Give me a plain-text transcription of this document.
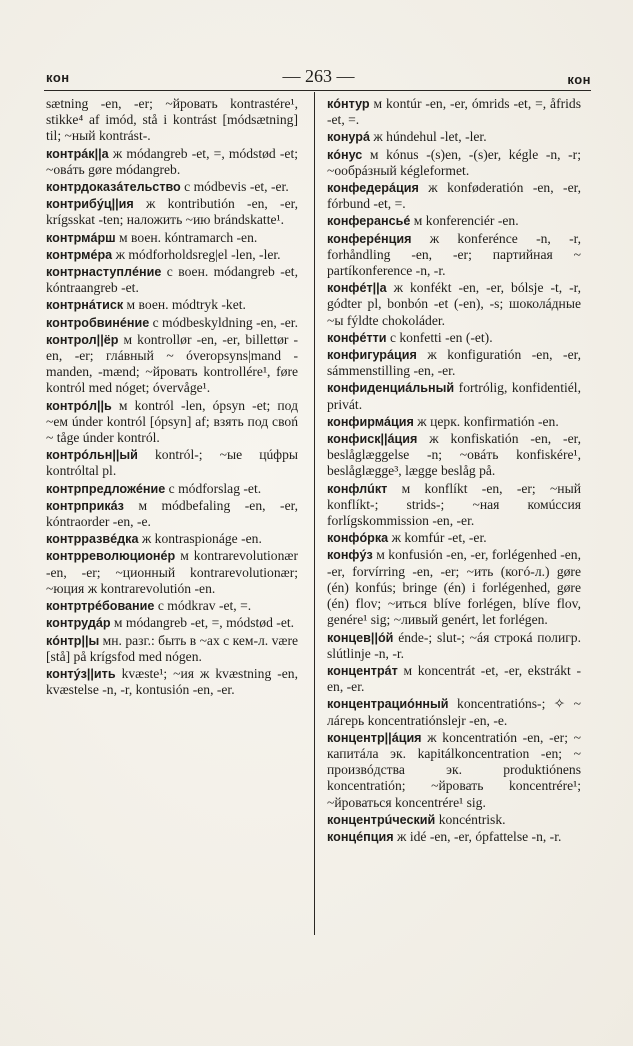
кон	— 263 —	кон

sætning -en, -er; ~йровать kontrastére¹, stikke⁴ af imód, stå i kontrást [módsætning] til; ~ный kontrást-.

контрáк||а ж módangreb -et, =, módstød -et; ~овáть gøre módangreb.

контрдоказáтельство с módbevis -et, -er.

контрибýц||ия ж kontributión -en, -er, krígsskat -ten; наложить ~ию brándskatte¹.

контрмáрш м воен. kóntramarch -en.

контрмéра ж módforholdsreg|el -len, -ler.

контрнаступлéние с воен. módangreb -et, kóntraangreb -et.

контрнáтиск м воен. módtryk -ket.

контробвинéние с módbeskyldning -en, -er.

контрол||ёр м kontrollør -en, -er, billettør -en, -er; глáвный ~ óveropsyns|mand -manden, -mænd; ~йровать kontrollére¹, føre kontról med nóget; óvervåge¹.

контрóл||ь м kontról -len, ópsyn -et; под ~ем únder kontról [ópsyn] af; взять под своń ~ tåge únder kontról.

контрóльн||ый kontról-; ~ые цúфры kontróltal pl.

контрпредложéние с módforslag -et.

контрприкáз м módbefaling -en, -er, kóntraorder -en, -e.

контрразвéдка ж kontraspionáge -en.

контрреволюционéр м kontrarevolutionær -en, -er; ~ционный kontrarevolutionær; ~юция ж kontrarevolutión -en.

контртрéбование с módkrav -et, =.

контрудáр м módangreb -et, =, módstød -et.

кóнтр||ы мн. разг.: быть в ~ах с кем-л. være [stå] på krígsfod med nógen.

контýз||ить kvæste¹; ~ия ж kvæstning -en, kvæstelse -n, -r, kontusión -en, -er.

кóнтур м kontúr -en, -er, ómrids -et, =, åfrids -et, =.

конурá ж húndehul -let, -ler.

кóнус м kónus -(s)en, -(s)er, kégle -n, -r; ~oобрáзный kégleformet.

конфедерáция ж konføderatión -en, -er, fórbund -et, =.

конферансьé м konferenciér -en.

конферéнция ж konferénce -n, -r, forhåndling -en, -er; партийная ~ partíkonference -n, -r.

конфéт||а ж konfékt -en, -er, bólsje -t, -r, gódter pl, bonbón -et (-en), -s; шоколáдные ~ы fýldte chokoláder.

конфéтти с konfetti -en (-et).

конфигурáция ж konfiguratión -en, -er, sámmenstilling -en, -er.

конфиденциáльный fortrólig, konfidentiél, privát.

конфирмáция ж церк. konfirmatión -en.

конфиск||áция ж konfiskatión -en, -er, beslåglæggelse -n; ~овáть konfiskére¹, beslåglægge³, lægge beslåg på.

конфлúкт м konflíkt -en, -er; ~ный konflíkt-; strids-; ~ная комúссия forlígskommission -en, -er.

конфóрка ж komfúr -et, -er.

конфýз м konfusión -en, -er, forlégenhed -en, -er, forvírring -en, -er; ~ить (когó-л.) gøre (én) konfús; bringe (én) i forlégenhed, gøre (én) flov; ~иться blíve forlégen, blíve flov, genére¹ sig; ~ливый genért, let forlégen.

концев||óй énde-; slut-; ~áя строкá полигр. slútlinje -n, -r.

концентрáт м koncentrát -et, -er, ekstrákt -en, -er.

концентрациóнный koncentratións-; ✧ ~ лáгерь koncentratiónslejr -en, -e.

концентр||áция ж koncentratión -en, -er; ~ капитáла эк. kapitálkoncentration -en; ~ произвóдства эк. produktiónens koncentratión; ~йровать koncentrére¹; ~йроваться koncentrére¹ sig.

концентрúческий koncéntrisk.

концéпция ж idé -en, -er, ópfattelse -n, -r.
